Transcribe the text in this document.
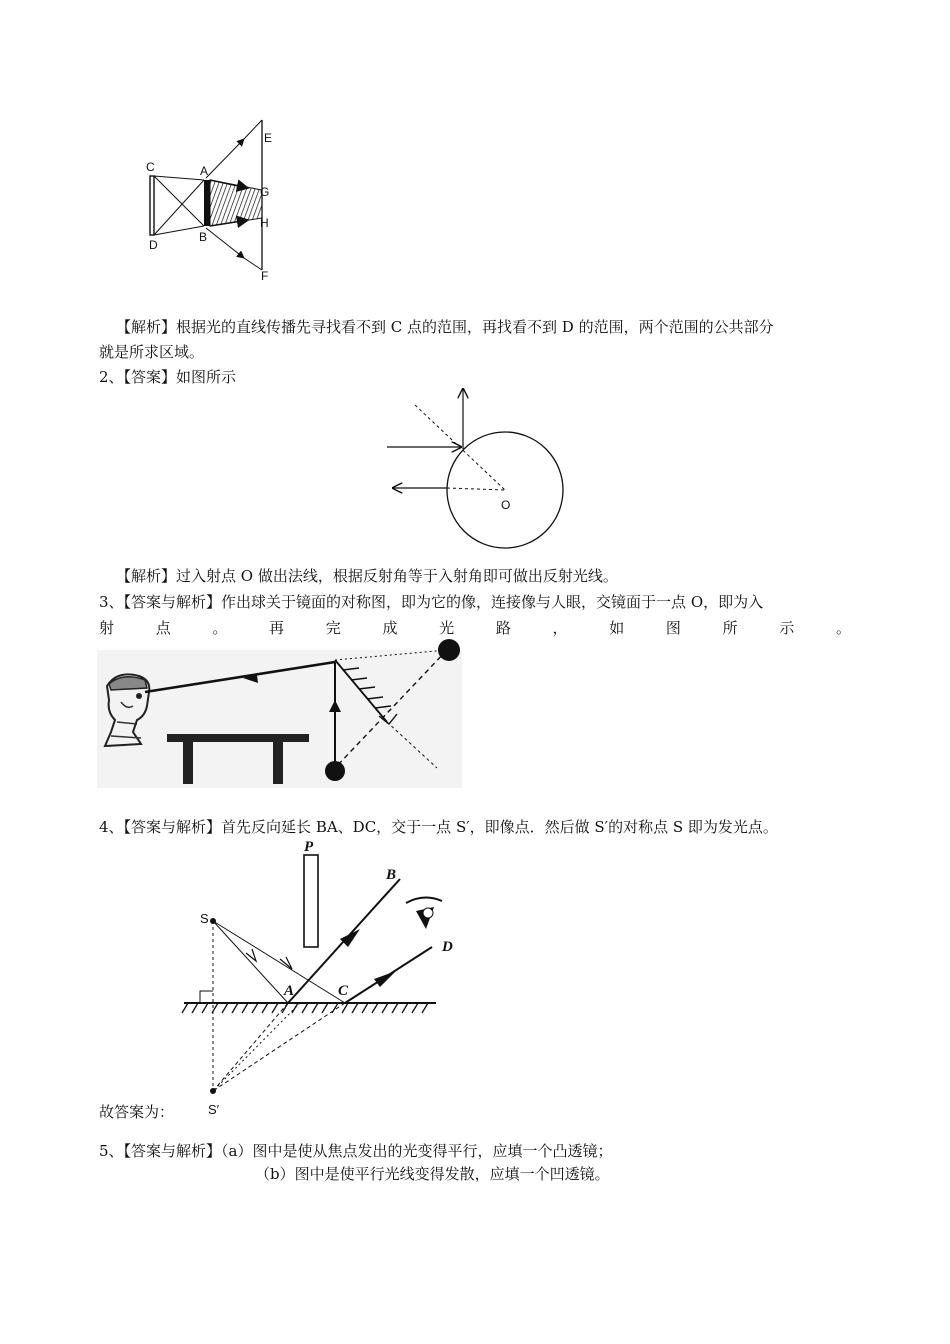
C
D
A
B
E
G
H
F
【解析】根据光的直线传播先寻找看不到 C 点的范围，再找看不到 D 的范围，两个范围的公共部分
就是所求区域。
2、【答案】如图所示
O
【解析】过入射点 O 做出法线，根据反射角等于入射角即可做出反射光线。
3、【答案与解析】作出球关于镜面的对称图，即为它的像，连接像与人眼，交镜面于一点 O，即为入
射	点	。	再	完	成	光	路	，	如	图	所	示	。
4、【答案与解析】首先反向延长 BA、DC，交于一点 S′，即像点．然后做 S′的对称点 S 即为发光点。
S
S′
P
B
D
A	C
故答案为：
5、【答案与解析】（a）图中是使从焦点发出的光变得平行，应填一个凸透镜；
（b）图中是使平行光线变得发散，应填一个凹透镜。
